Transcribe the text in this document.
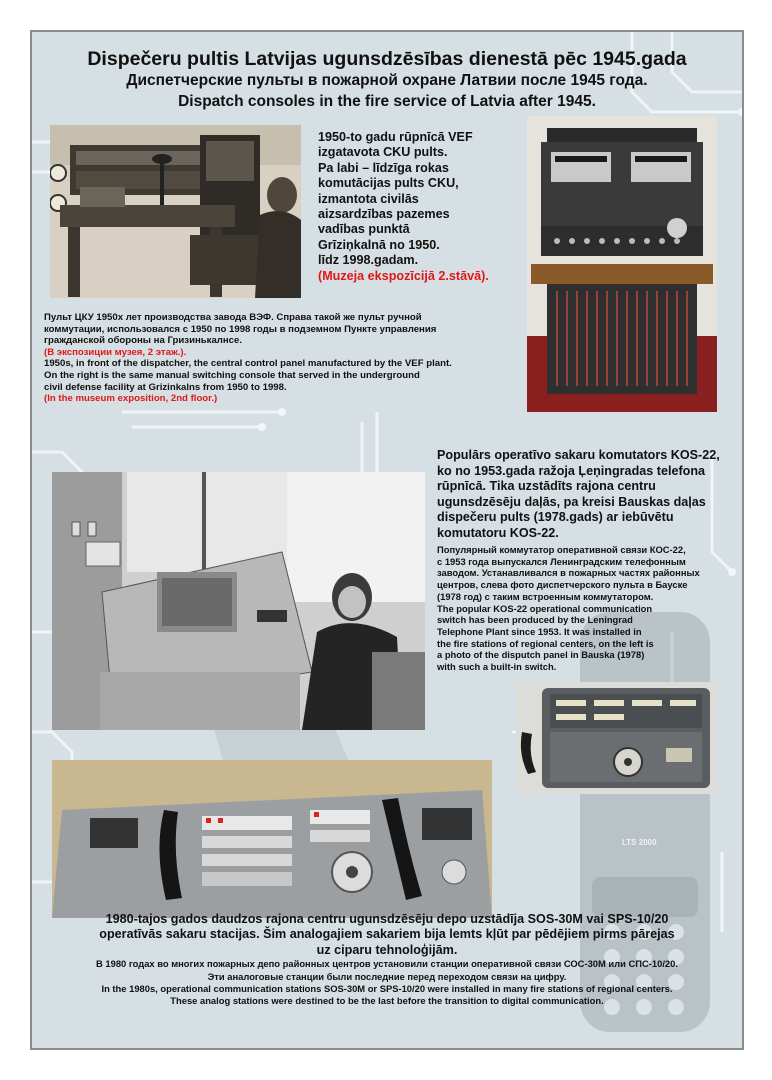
Dispečeru pultis Latvijas ugunsdzēsības dienestā pēc 1945.gada
Диспетчерские пульты в пожарной охране Латвии после 1945 года.
Dispatch consoles in the fire service of Latvia after 1945.
1950-to gadu rūpnīcā VEF
izgatavota CKU pults.
Pa labi – līdzīga rokas
komutācijas pults CKU,
izmantota civilās
aizsardzības pazemes
vadības punktā
Grīziņkalnā no 1950.
līdz 1998.gadam.
(Muzeja ekspozīcijā 2.stāvā).
Пульт ЦКУ 1950х лет производства завода ВЭФ. Справа такой же пульт ручной
коммутации, использовался с 1950 по 1998 годы в подземном Пункте управления
гражданской обороны на Гризинькалнсе.
(В экспозиции музея, 2 этаж.).
1950s, in front of the dispatcher, the central control panel manufactured by the VEF plant.
On the right is the same manual switching console that served in the underground
civil defense facility at Grizinkalns from 1950 to 1998.
(In the museum exposition, 2nd floor.)
Populārs operatīvo sakaru komutators KOS-22,
ko no 1953.gada ražoja Ļeņingradas telefona
rūpnīcā. Tika uzstādīts rajona centru
ugunsdzēsēju daļās, pa kreisi Bauskas daļas
dispečeru pults (1978.gads) ar iebūvētu
komutatoru KOS-22.
Популярный коммутатор оперативной связи КОС-22,
с 1953 года выпускался Ленинградским телефонным
заводом. Устанавливался в пожарных частях районных
центров, слева фото диспетчерского пульта в Бауске
(1978 год) с таким встроенным коммутатором.
The popular KOS-22 operational communication
switch has been produced by the Leningrad
Telephone Plant since 1953. It was installed in
the fire stations of regional centers, on the left is
a photo of the disputch panel in Bauska (1978)
with such a built-in switch.
1980-tajos gados daudzos rajona centru ugunsdzēsēju depo uzstādīja SOS-30M vai SPS-10/20
operatīvās sakaru stacijas. Šim analogajiem sakariem bija lemts kļūt par pēdējiem pirms pārejas
uz ciparu tehnoloģijām.
В 1980 годах во многих пожарных депо районных центров установили станции оперативной связи СОС-30М или СПС-10/20.
Эти аналоговые станции были последние перед переходом связи на цифру.
In the 1980s, operational communication stations SOS-30M or SPS-10/20 were installed in many fire stations of regional centers.
These analog stations were destined to be the last before the transition to digital communication.
LTS 2000
